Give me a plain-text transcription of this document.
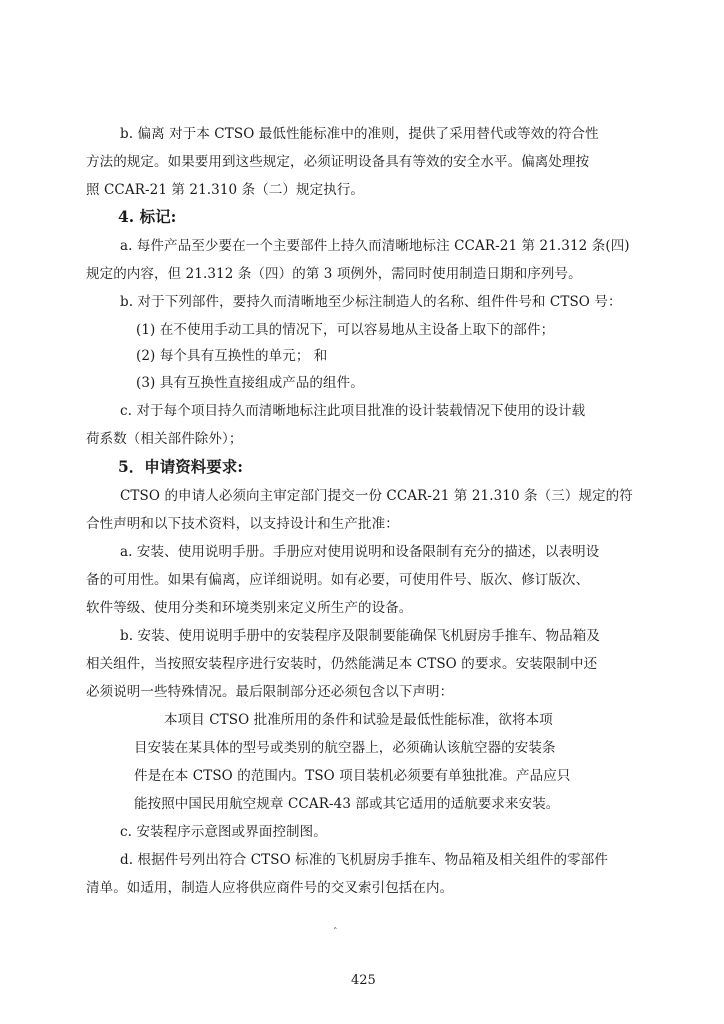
b. 偏离 对于本 CTSO 最低性能标准中的准则，提供了采用替代或等效的符合性
方法的规定。如果要用到这些规定，必须证明设备具有等效的安全水平。偏离处理按
照 CCAR-21 第 21.310 条（二）规定执行。
4. 标记:
a. 每件产品至少要在一个主要部件上持久而清晰地标注 CCAR-21 第 21.312 条(四)
规定的内容，但 21.312 条（四）的第 3 项例外，需同时使用制造日期和序列号。
b. 对于下列部件，要持久而清晰地至少标注制造人的名称、组件件号和 CTSO 号：
(1) 在不使用手动工具的情况下，可以容易地从主设备上取下的部件；
(2) 每个具有互换性的单元； 和
(3) 具有互换性直接组成产品的组件。
c. 对于每个项目持久而清晰地标注此项目批准的设计装载情况下使用的设计载
荷系数（相关部件除外）；
5．申请资料要求:
CTSO 的申请人必须向主审定部门提交一份 CCAR-21 第 21.310 条（三）规定的符
合性声明和以下技术资料，以支持设计和生产批准：
a. 安装、使用说明手册。手册应对使用说明和设备限制有充分的描述，以表明设
备的可用性。如果有偏离，应详细说明。如有必要，可使用件号、版次、修订版次、
软件等级、使用分类和环境类别来定义所生产的设备。
b. 安装、使用说明手册中的安装程序及限制要能确保飞机厨房手推车、物品箱及
相关组件，当按照安装程序进行安装时，仍然能满足本 CTSO 的要求。安装限制中还
必须说明一些特殊情况。最后限制部分还必须包含以下声明：
本项目 CTSO 批准所用的条件和试验是最低性能标准，欲将本项
目安装在某具体的型号或类别的航空器上，必须确认该航空器的安装条
件是在本 CTSO 的范围内。TSO 项目装机必须要有单独批准。产品应只
能按照中国民用航空规章 CCAR-43 部或其它适用的适航要求来安装。
c. 安装程序示意图或界面控制图。
d. 根据件号列出符合 CTSO 标准的飞机厨房手推车、物品箱及相关组件的零部件
清单。如适用，制造人应将供应商件号的交叉索引包括在内。
ˆ
425
